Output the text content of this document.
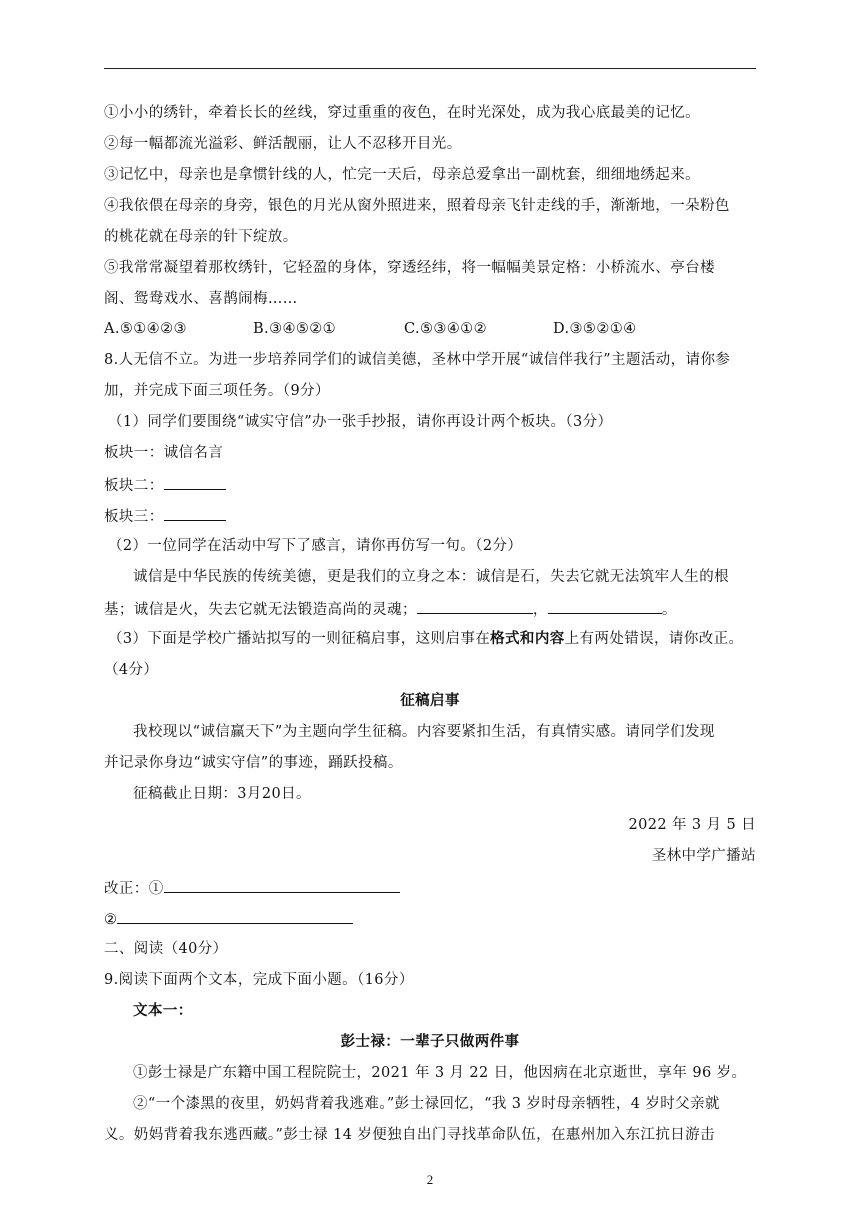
①小小的绣针，牵着长长的丝线，穿过重重的夜色，在时光深处，成为我心底最美的记忆。
②每一幅都流光溢彩、鲜活靓丽，让人不忍移开目光。
③记忆中，母亲也是拿惯针线的人，忙完一天后，母亲总爱拿出一副枕套，细细地绣起来。
④我依偎在母亲的身旁，银色的月光从窗外照进来，照着母亲飞针走线的手，渐渐地，一朵粉色
的桃花就在母亲的针下绽放。
⑤我常常凝望着那枚绣针，它轻盈的身体，穿透经纬，将一幅幅美景定格：小桥流水、亭台楼
阁、鸳鸯戏水、喜鹊闹梅……
A.⑤①④②③	B.③④⑤②①	C.⑤③④①②	D.③⑤②①④
8.人无信不立。为进一步培养同学们的诚信美德，圣林中学开展“诚信伴我行”主题活动，请你参
加，并完成下面三项任务。（9分）
（1）同学们要围绕“诚实守信”办一张手抄报，请你再设计两个板块。（3分）
板块一：诚信名言
板块二：
板块三：
（2）一位同学在活动中写下了感言，请你再仿写一句。（2分）
诚信是中华民族的传统美德，更是我们的立身之本：诚信是石，失去它就无法筑牢人生的根
基；诚信是火，失去它就无法锻造高尚的灵魂；	，	。
（3）下面是学校广播站拟写的一则征稿启事，这则启事在格式和内容上有两处错误，请你改正。
（4分）
征稿启事
我校现以“诚信赢天下”为主题向学生征稿。内容要紧扣生活，有真情实感。请同学们发现
并记录你身边“诚实守信”的事迹，踊跃投稿。
征稿截止日期：3月20日。
2022 年 3 月 5 日
圣林中学广播站
改正：①
②
二、阅读（40分）
9.阅读下面两个文本，完成下面小题。（16分）
文本一：
彭士禄：一辈子只做两件事
①彭士禄是广东籍中国工程院院士，2021 年 3 月 22 日，他因病在北京逝世，享年 96 岁。
②“一个漆黑的夜里，奶妈背着我逃难。”彭士禄回忆，“我 3 岁时母亲牺牲，4 岁时父亲就
义。奶妈背着我东逃西藏。”彭士禄 14 岁便独自出门寻找革命队伍，在惠州加入东江抗日游击
2
